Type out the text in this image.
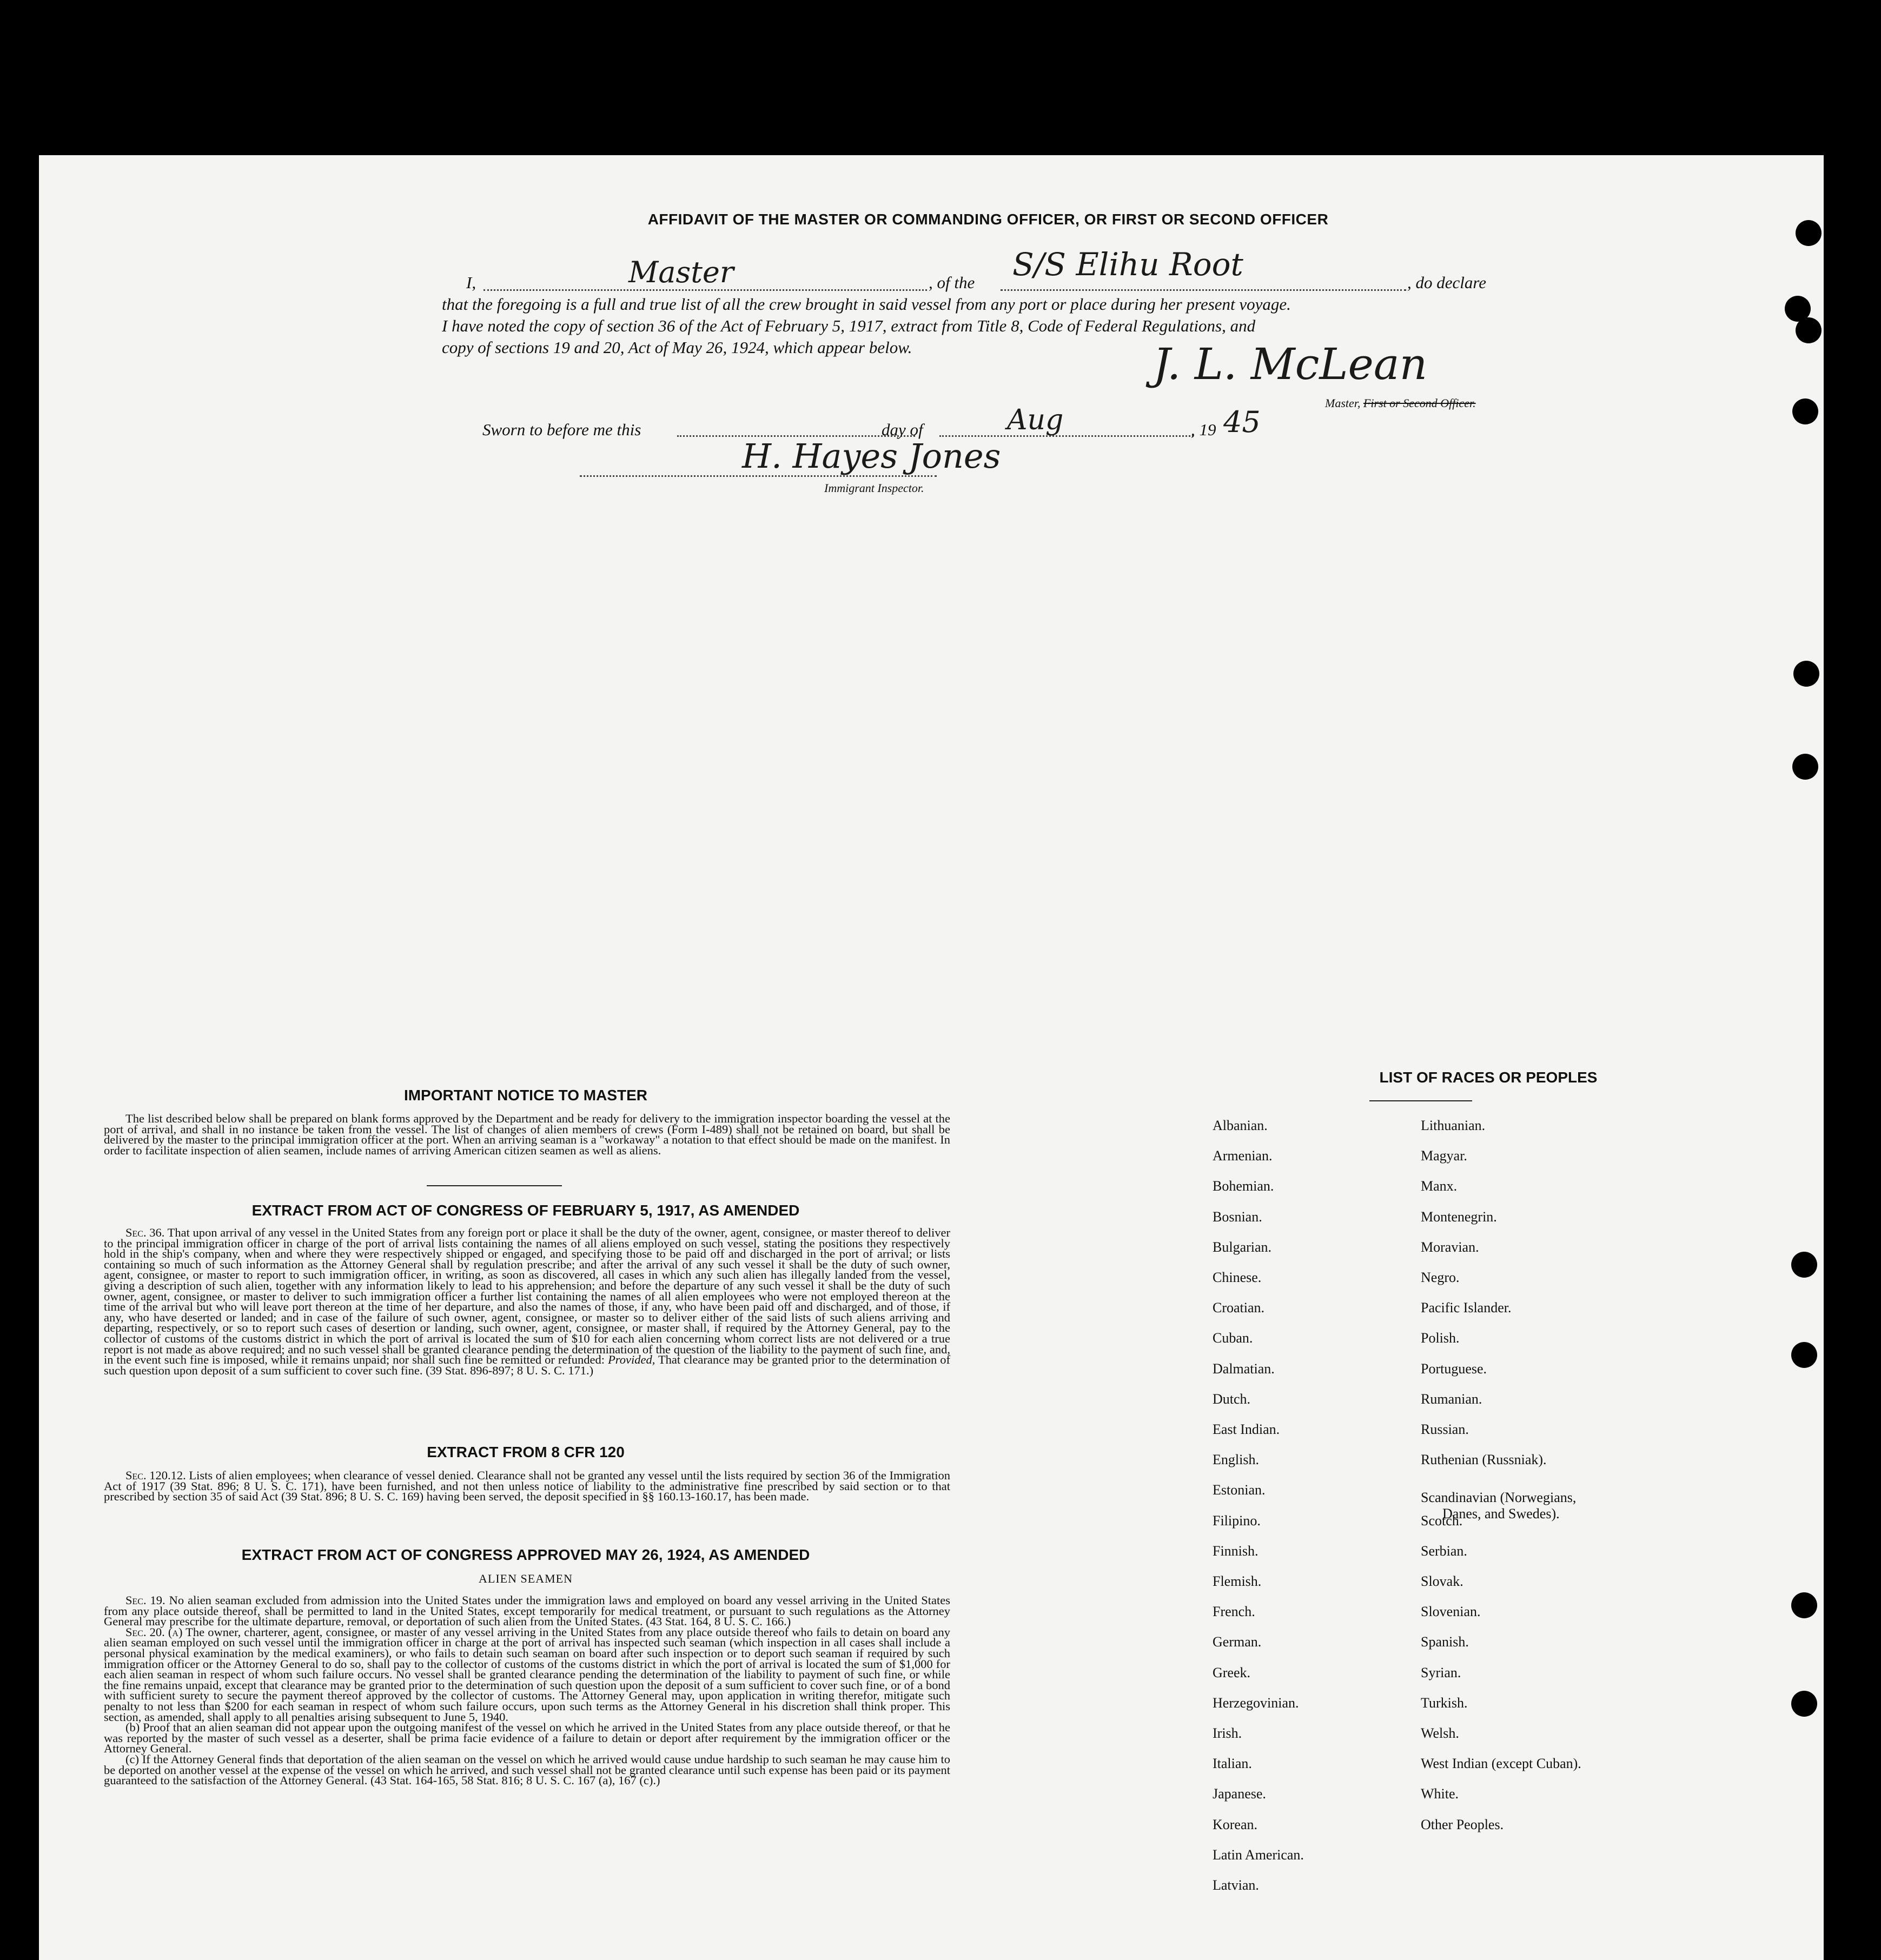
AFFIDAVIT OF THE MASTER OR COMMANDING OFFICER, OR FIRST OR SECOND OFFICER
I,	Master	, of the S/S Elihu Root	, do declare
that the foregoing is a full and true list of all the crew brought in said vessel from any port or place during her present voyage.
I have noted the copy of section 36 of the Act of February 5, 1917, extract from Title 8, Code of Federal Regulations, and
copy of sections 19 and 20, Act of May 26, 1924, which appear below.	J. L. McLean
Master, First or Second Officer.
Sworn to before me this	day of	Aug	, 19 45
H. Hayes Jones
Immigrant Inspector.
IMPORTANT NOTICE TO MASTER

The list described below shall be prepared on blank forms approved by the Department and be ready for delivery to the immigration inspector boarding the vessel at the port of arrival, and shall in no instance be taken from the vessel. The list of changes of alien members of crews (Form I-489) shall not be retained on board, but shall be delivered by the master to the principal immigration officer at the port. When an arriving seaman is a "workaway" a notation to that effect should be made on the manifest. In order to facilitate inspection of alien seamen, include names of arriving American citizen seamen as well as aliens.

EXTRACT FROM ACT OF CONGRESS OF FEBRUARY 5, 1917, AS AMENDED

Sec. 36. That upon arrival of any vessel in the United States from any foreign port or place it shall be the duty of the owner, agent, consignee, or master thereof to deliver to the principal immigration officer in charge of the port of arrival lists containing the names of all aliens employed on such vessel, stating the positions they respectively hold in the ship's company, when and where they were respectively shipped or engaged, and specifying those to be paid off and discharged in the port of arrival; or lists containing so much of such information as the Attorney General shall by regulation prescribe; and after the arrival of any such vessel it shall be the duty of such owner, agent, consignee, or master to report to such immigration officer, in writing, as soon as discovered, all cases in which any such alien has illegally landed from the vessel, giving a description of such alien, together with any information likely to lead to his apprehension; and before the departure of any such vessel it shall be the duty of such owner, agent, consignee, or master to deliver to such immigration officer a further list containing the names of all alien employees who were not employed thereon at the time of the arrival but who will leave port thereon at the time of her departure, and also the names of those, if any, who have been paid off and discharged, and of those, if any, who have deserted or landed; and in case of the failure of such owner, agent, consignee, or master so to deliver either of the said lists of such aliens arriving and departing, respectively, or so to report such cases of desertion or landing, such owner, agent, consignee, or master shall, if required by the Attorney General, pay to the collector of customs of the customs district in which the port of arrival is located the sum of $10 for each alien concerning whom correct lists are not delivered or a true report is not made as above required; and no such vessel shall be granted clearance pending the determination of the question of the liability to the payment of such fine, and, in the event such fine is imposed, while it remains unpaid; nor shall such fine be remitted or refunded: Provided, That clearance may be granted prior to the determination of such question upon deposit of a sum sufficient to cover such fine. (39 Stat. 896-897; 8 U. S. C. 171.)

EXTRACT FROM 8 CFR 120

Sec. 120.12. Lists of alien employees; when clearance of vessel denied. Clearance shall not be granted any vessel until the lists required by section 36 of the Immigration Act of 1917 (39 Stat. 896; 8 U. S. C. 171), have been furnished, and not then unless notice of liability to the administrative fine prescribed by said section or to that prescribed by section 35 of said Act (39 Stat. 896; 8 U. S. C. 169) having been served, the deposit specified in §§ 160.13-160.17, has been made.

EXTRACT FROM ACT OF CONGRESS APPROVED MAY 26, 1924, AS AMENDED
ALIEN SEAMEN

Sec. 19. No alien seaman excluded from admission into the United States under the immigration laws and employed on board any vessel arriving in the United States from any place outside thereof, shall be permitted to land in the United States, except temporarily for medical treatment, or pursuant to such regulations as the Attorney General may prescribe for the ultimate departure, removal, or deportation of such alien from the United States. (43 Stat. 164, 8 U. S. C. 166.)

Sec. 20. (a) The owner, charterer, agent, consignee, or master of any vessel arriving in the United States from any place outside thereof who fails to detain on board any alien seaman employed on such vessel until the immigration officer in charge at the port of arrival has inspected such seaman (which inspection in all cases shall include a personal physical examination by the medical examiners), or who fails to detain such seaman on board after such inspection or to deport such seaman if required by such immigration officer or the Attorney General to do so, shall pay to the collector of customs of the customs district in which the port of arrival is located the sum of $1,000 for each alien seaman in respect of whom such failure occurs. No vessel shall be granted clearance pending the determination of the liability to payment of such fine, or while the fine remains unpaid, except that clearance may be granted prior to the determination of such question upon the deposit of a sum sufficient to cover such fine, or of a bond with sufficient surety to secure the payment thereof approved by the collector of customs. The Attorney General may, upon application in writing therefor, mitigate such penalty to not less than $200 for each seaman in respect of whom such failure occurs, upon such terms as the Attorney General in his discretion shall think proper. This section, as amended, shall apply to all penalties arising subsequent to June 5, 1940.

(b) Proof that an alien seaman did not appear upon the outgoing manifest of the vessel on which he arrived in the United States from any place outside thereof, or that he was reported by the master of such vessel as a deserter, shall be prima facie evidence of a failure to detain or deport after requirement by the immigration officer or the Attorney General.

(c) If the Attorney General finds that deportation of the alien seaman on the vessel on which he arrived would cause undue hardship to such seaman he may cause him to be deported on another vessel at the expense of the vessel on which he arrived, and such vessel shall not be granted clearance until such expense has been paid or its payment guaranteed to the satisfaction of the Attorney General. (43 Stat. 164-165, 58 Stat. 816; 8 U. S. C. 167 (a), 167 (c).)

LIST OF RACES OR PEOPLES
Albanian.
Armenian.
Bohemian.
Bosnian.
Bulgarian.
Chinese.
Croatian.
Cuban.
Dalmatian.
Dutch.
East Indian.
English.
Estonian.
Filipino.
Finnish.
Flemish.
French.
German.
Greek.
Herzegovinian.
Irish.
Italian.
Japanese.
Korean.
Latin American.
Latvian.
Lithuanian.
Magyar.
Manx.
Montenegrin.
Moravian.
Negro.
Pacific Islander.
Polish.
Portuguese.
Rumanian.
Russian.
Ruthenian (Russniak).
Scandinavian (Norwegians,
Danes, and Swedes).
Scotch.
Serbian.
Slovak.
Slovenian.
Spanish.
Syrian.
Turkish.
Welsh.
West Indian (except Cuban).
White.
Other Peoples.
